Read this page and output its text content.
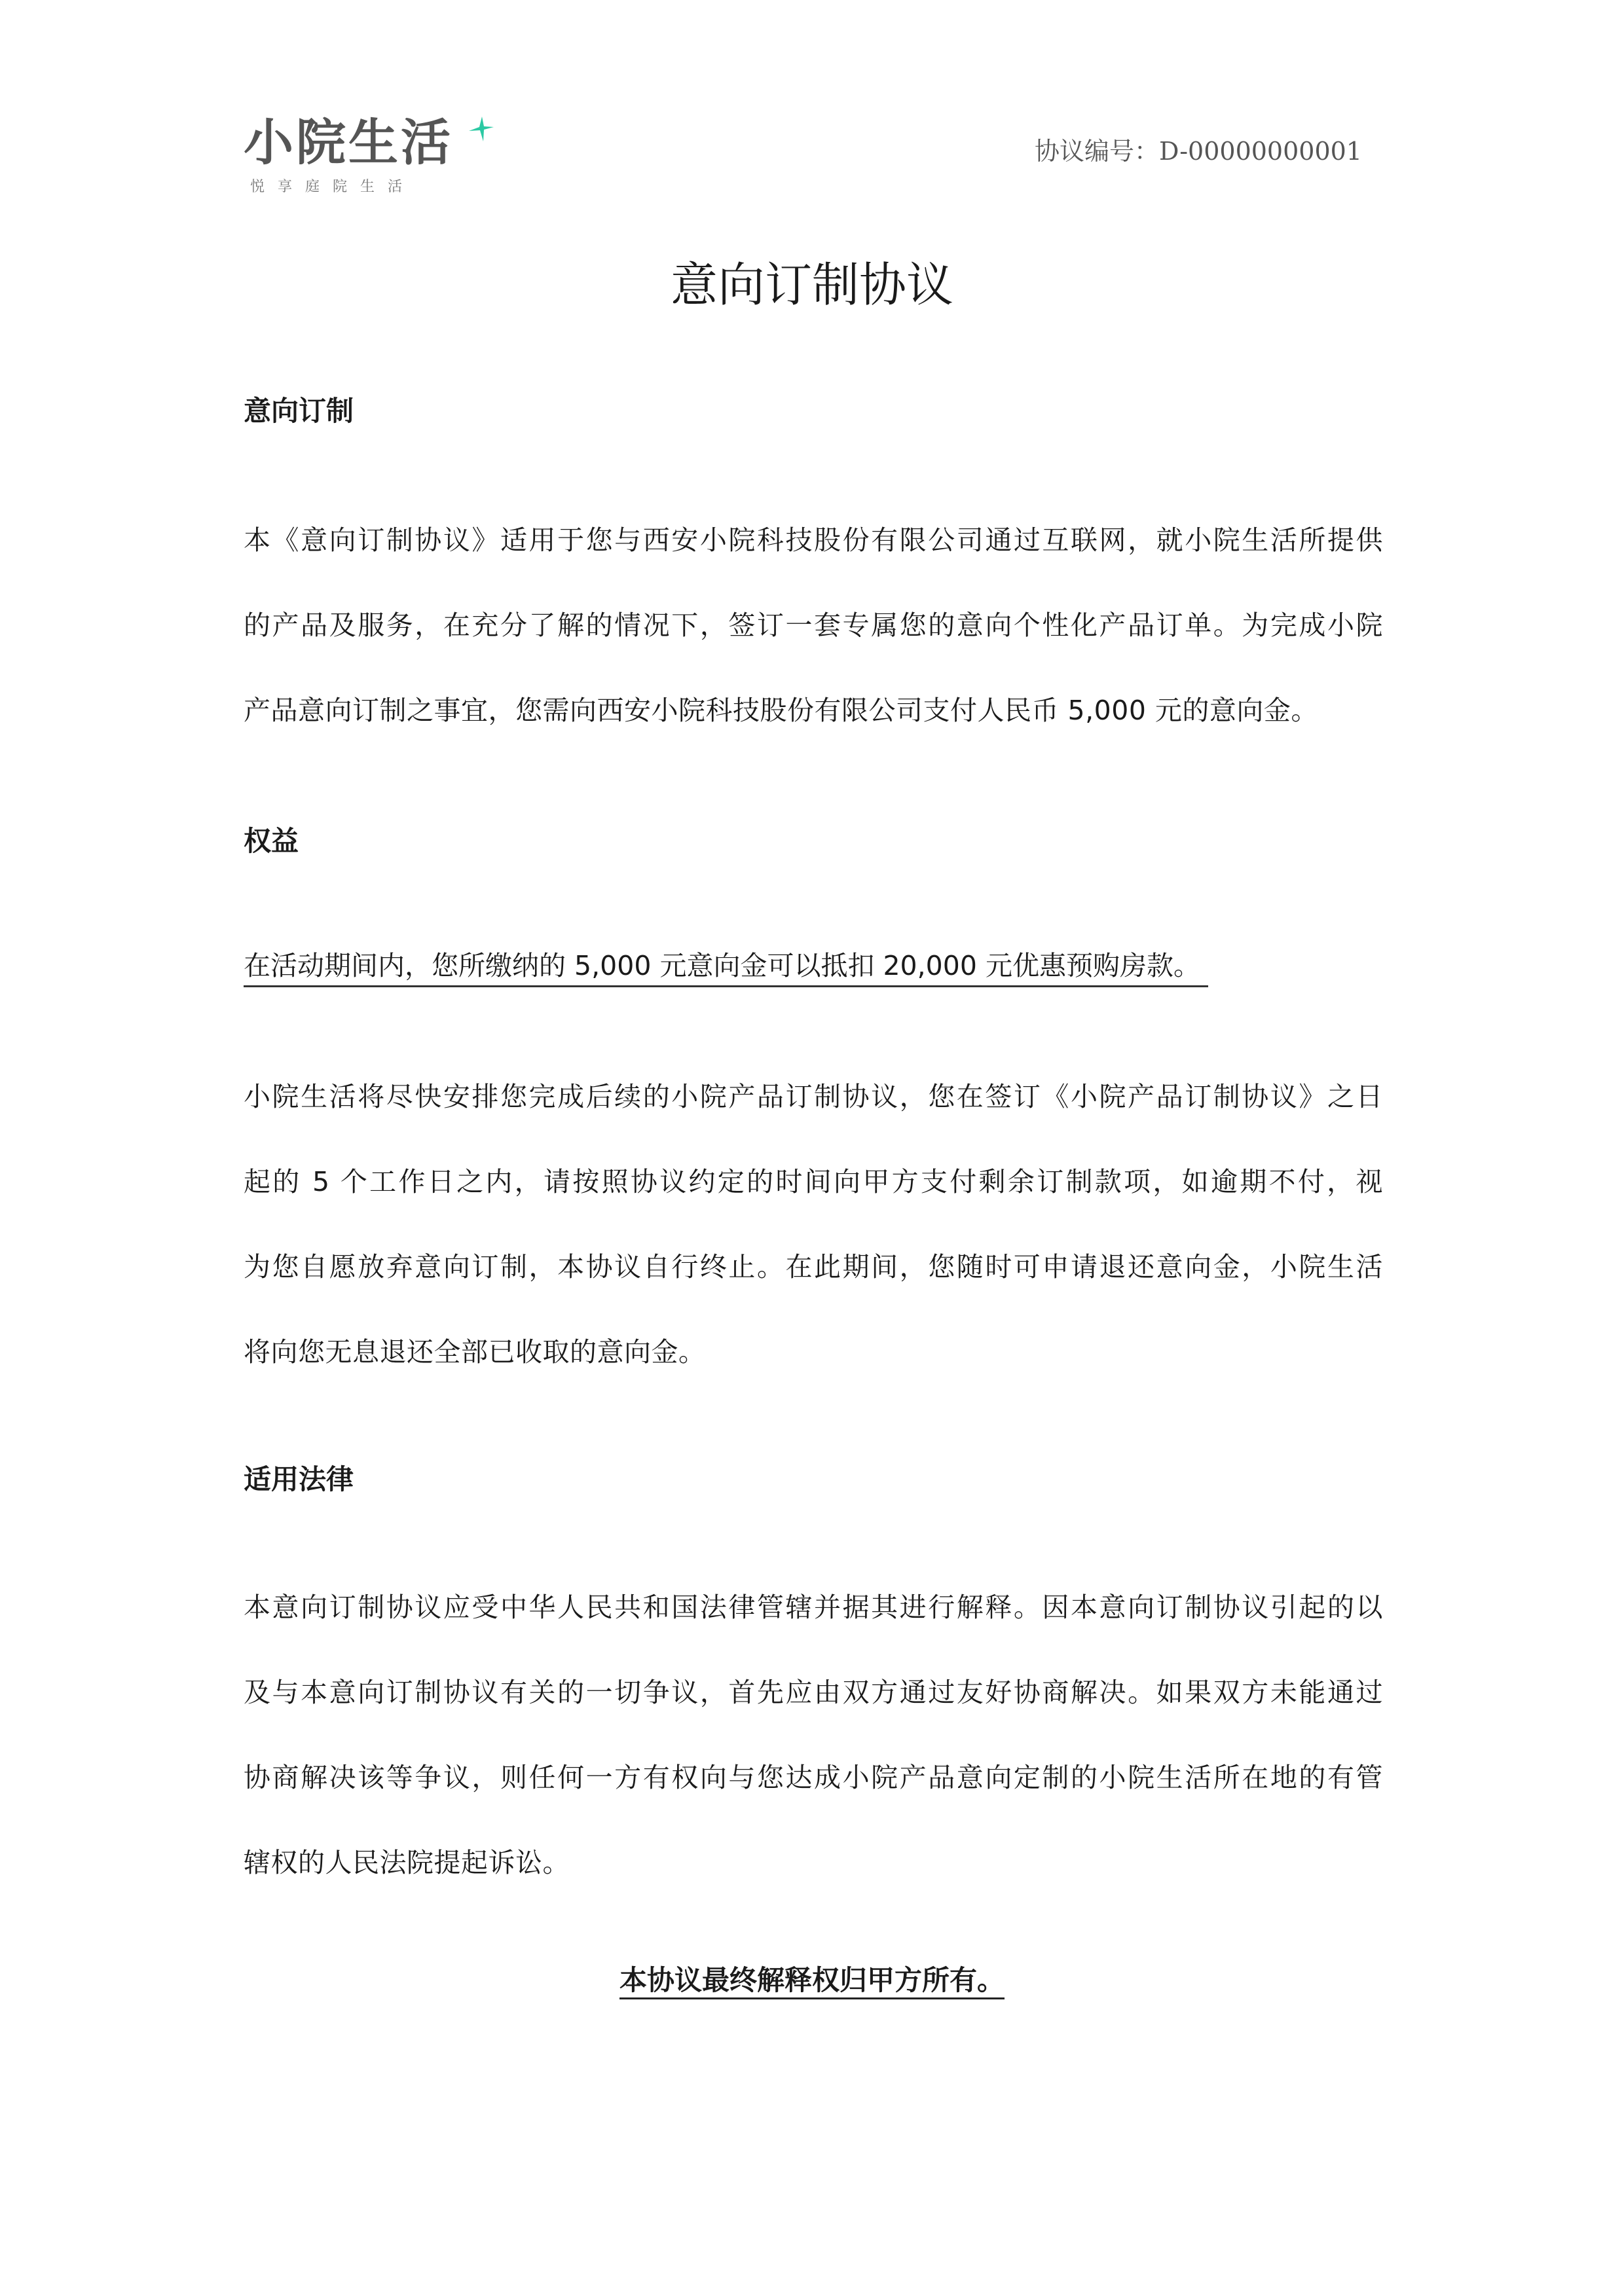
小院生活
悦享庭院生活
协议编号：D-00000000001
意向订制协议
意向订制
本《意向订制协议》适用于您与西安小院科技股份有限公司通过互联网，就小院生活所提供
的产品及服务，在充分了解的情况下，签订一套专属您的意向个性化产品订单。为完成小院
产品意向订制之事宜，您需向西安小院科技股份有限公司支付人民币 5,000 元的意向金。
权益
在活动期间内，您所缴纳的 5,000 元意向金可以抵扣 20,000 元优惠预购房款。
小院生活将尽快安排您完成后续的小院产品订制协议，您在签订《小院产品订制协议》之日
起的 5 个工作日之内，请按照协议约定的时间向甲方支付剩余订制款项，如逾期不付，视
为您自愿放弃意向订制，本协议自行终止。在此期间，您随时可申请退还意向金，小院生活
将向您无息退还全部已收取的意向金。
适用法律
本意向订制协议应受中华人民共和国法律管辖并据其进行解释。因本意向订制协议引起的以
及与本意向订制协议有关的一切争议，首先应由双方通过友好协商解决。如果双方未能通过
协商解决该等争议，则任何一方有权向与您达成小院产品意向定制的小院生活所在地的有管
辖权的人民法院提起诉讼。
本协议最终解释权归甲方所有。
